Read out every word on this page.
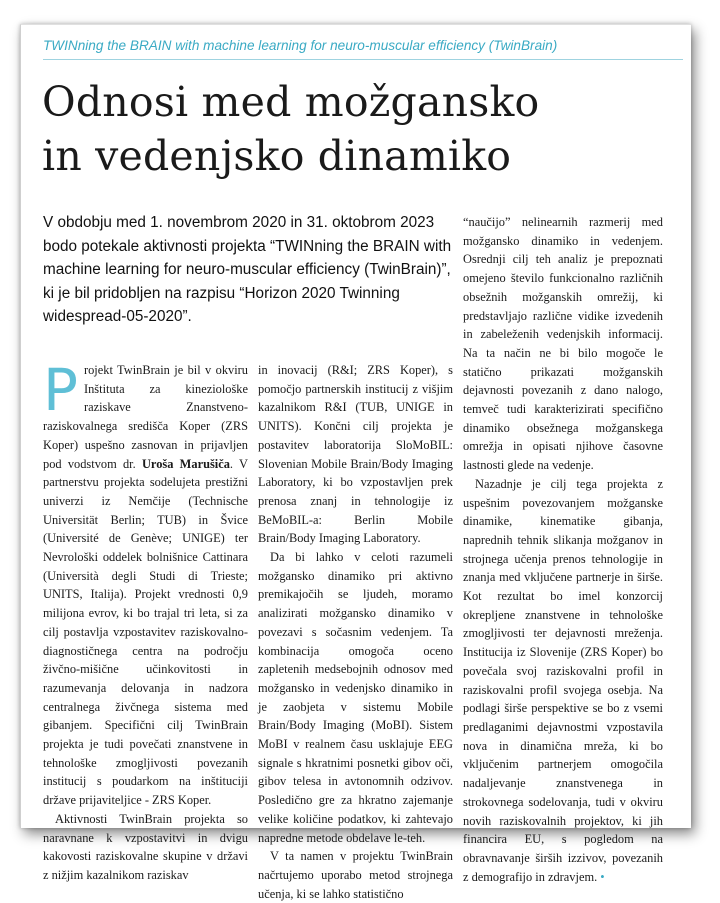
TWINning the BRAIN with machine learning for neuro-muscular efficiency (TwinBrain)
Odnosi med možgansko
in vedenjsko dinamiko
V obdobju med 1. novembrom 2020 in 31. oktobrom 2023 bodo potekale aktivnosti projekta “TWINning the BRAIN with machine learning for neuro-muscular efficiency (TwinBrain)”, ki je bil pridobljen na razpisu “Horizon 2020 Twinning widespread-05-2020”.

Projekt TwinBrain je bil v okviru Inštituta za kineziološke raziskave Znanstveno-raziskovalnega središča Koper (ZRS Koper) uspešno zasnovan in prijavljen pod vodstvom dr. Uroša Marušiča. V partnerstvu projekta sodelujeta prestižni univerzi iz Nemčije (Technische Universität Berlin; TUB) in Švice (Université de Genève; UNIGE) ter Nevrološki oddelek bolnišnice Cattinara (Università degli Studi di Trieste; UNITS, Italija). Projekt vrednosti 0,9 milijona evrov, ki bo trajal tri leta, si za cilj postavlja vzpostavitev raziskovalno-diagnostičnega centra na področju živčno-mišične učinkovitosti in razumevanja delovanja in nadzora centralnega živčnega sistema med gibanjem. Specifični cilj TwinBrain projekta je tudi povečati znanstvene in tehnološke zmogljivosti povezanih institucij s poudarkom na inštituciji države prijaviteljice - ZRS Koper.

Aktivnosti TwinBrain projekta so naravnane k vzpostavitvi in dvigu kakovosti raziskovalne skupine v državi z nižjim kazalnikom raziskav

in inovacij (R&I; ZRS Koper), s pomočjo partnerskih institucij z višjim kazalnikom R&I (TUB, UNIGE in UNITS). Končni cilj projekta je postavitev laboratorija SloMoBIL: Slovenian Mobile Brain/Body Imaging Laboratory, ki bo vzpostavljen prek prenosa znanj in tehnologije iz BeMoBIL-a: Berlin Mobile Brain/Body Imaging Laboratory.

Da bi lahko v celoti razumeli možgansko dinamiko pri aktivno premikajočih se ljudeh, moramo analizirati možgansko dinamiko v povezavi s sočasnim vedenjem. Ta kombinacija omogoča oceno zapletenih medsebojnih odnosov med možgansko in vedenjsko dinamiko in je zaobjeta v sistemu Mobile Brain/Body Imaging (MoBI). Sistem MoBI v realnem času usklajuje EEG signale s hkratnimi posnetki gibov oči, gibov telesa in avtonomnih odzivov. Posledično gre za hkratno zajemanje velike količine podatkov, ki zahtevajo napredne metode obdelave le-teh.

V ta namen v projektu TwinBrain načrtujemo uporabo metod strojnega učenja, ki se lahko statistično

“naučijo” nelinearnih razmerij med možgansko dinamiko in vedenjem. Osrednji cilj teh analiz je prepoznati omejeno število funkcionalno različnih obsežnih možganskih omrežij, ki predstavljajo različne vidike izvedenih in zabeleženih vedenjskih informacij. Na ta način ne bi bilo mogoče le statično prikazati možganskih dejavnosti povezanih z dano nalogo, temveč tudi karakterizirati specifično dinamiko obsežnega možganskega omrežja in opisati njihove časovne lastnosti glede na vedenje.

Nazadnje je cilj tega projekta z uspešnim povezovanjem možganske dinamike, kinematike gibanja, naprednih tehnik slikanja možganov in strojnega učenja prenos tehnologije in znanja med vključene partnerje in širše. Kot rezultat bo imel konzorcij okrepljene znanstvene in tehnološke zmogljivosti ter dejavnosti mreženja. Institucija iz Slovenije (ZRS Koper) bo povečala svoj raziskovalni profil in raziskovalni profil svojega osebja. Na podlagi širše perspektive se bo z vsemi predlaganimi dejavnostmi vzpostavila nova in dinamična mreža, ki bo vključenim partnerjem omogočila nadaljevanje znanstvenega in strokovnega sodelovanja, tudi v okviru novih raziskovalnih projektov, ki jih financira EU, s pogledom na obravnavanje širših izzivov, povezanih z demografijo in zdravjem. •
